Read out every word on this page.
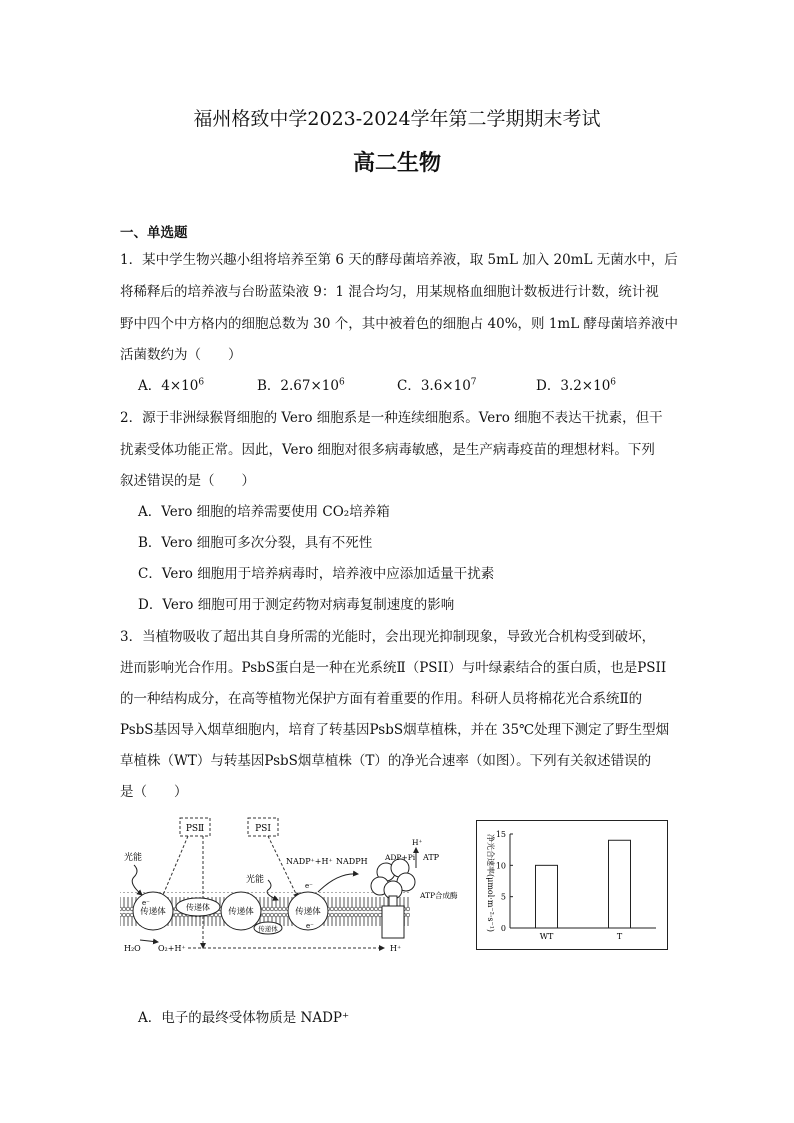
福州格致中学2023-2024学年第二学期期末考试
高二生物
一、单选题
1．某中学生物兴趣小组将培养至第 6 天的酵母菌培养液，取 5mL 加入 20mL 无菌水中，后
将稀释后的培养液与台盼蓝染液 9：1 混合均匀，用某规格血细胞计数板进行计数，统计视
野中四个中方格内的细胞总数为 30 个，其中被着色的细胞占 40%，则 1mL 酵母菌培养液中
活菌数约为（　　）
A．$4\times 10^6$	B．$2.67\times 10^6$	C．$3.6\times 10^7$	D．$3.2\times 10^6$
2．源于非洲绿猴肾细胞的 Vero 细胞系是一种连续细胞系。Vero 细胞不表达干扰素，但干
扰素受体功能正常。因此，Vero 细胞对很多病毒敏感，是生产病毒疫苗的理想材料。下列
叙述错误的是（　　）
A．Vero 细胞的培养需要使用 CO₂培养箱
B．Vero 细胞可多次分裂，具有不死性
C．Vero 细胞用于培养病毒时，培养液中应添加适量干扰素
D．Vero 细胞可用于测定药物对病毒复制速度的影响
3．当植物吸收了超出其自身所需的光能时，会出现光抑制现象，导致光合机构受到破坏，
进而影响光合作用。PsbS蛋白是一种在光系统Ⅱ（PSII）与叶绿素结合的蛋白质，也是PSII
的一种结构成分，在高等植物光保护方面有着重要的作用。科研人员将棉花光合系统Ⅱ的
PsbS基因导入烟草细胞内，培育了转基因PsbS烟草植株，并在 35℃处理下测定了野生型烟
草植株（WT）与转基因PsbS烟草植株（T）的净光合速率（如图）。下列有关叙述错误的
是（　　）
PSⅡ	PSⅠ
光能
传递体
e⁻	传递体 传递体
传递体
光能
传递体
e⁻
e⁻
NADP⁺+H⁺ NADPH ADP+Pi ATP
H⁺
ATP合成酶
H₂O O₂+H⁺	H⁺
净光合速率(μmol·m⁻²·s⁻¹) 0
5
10
15
WT	T
A．电子的最终受体物质是 NADP⁺
